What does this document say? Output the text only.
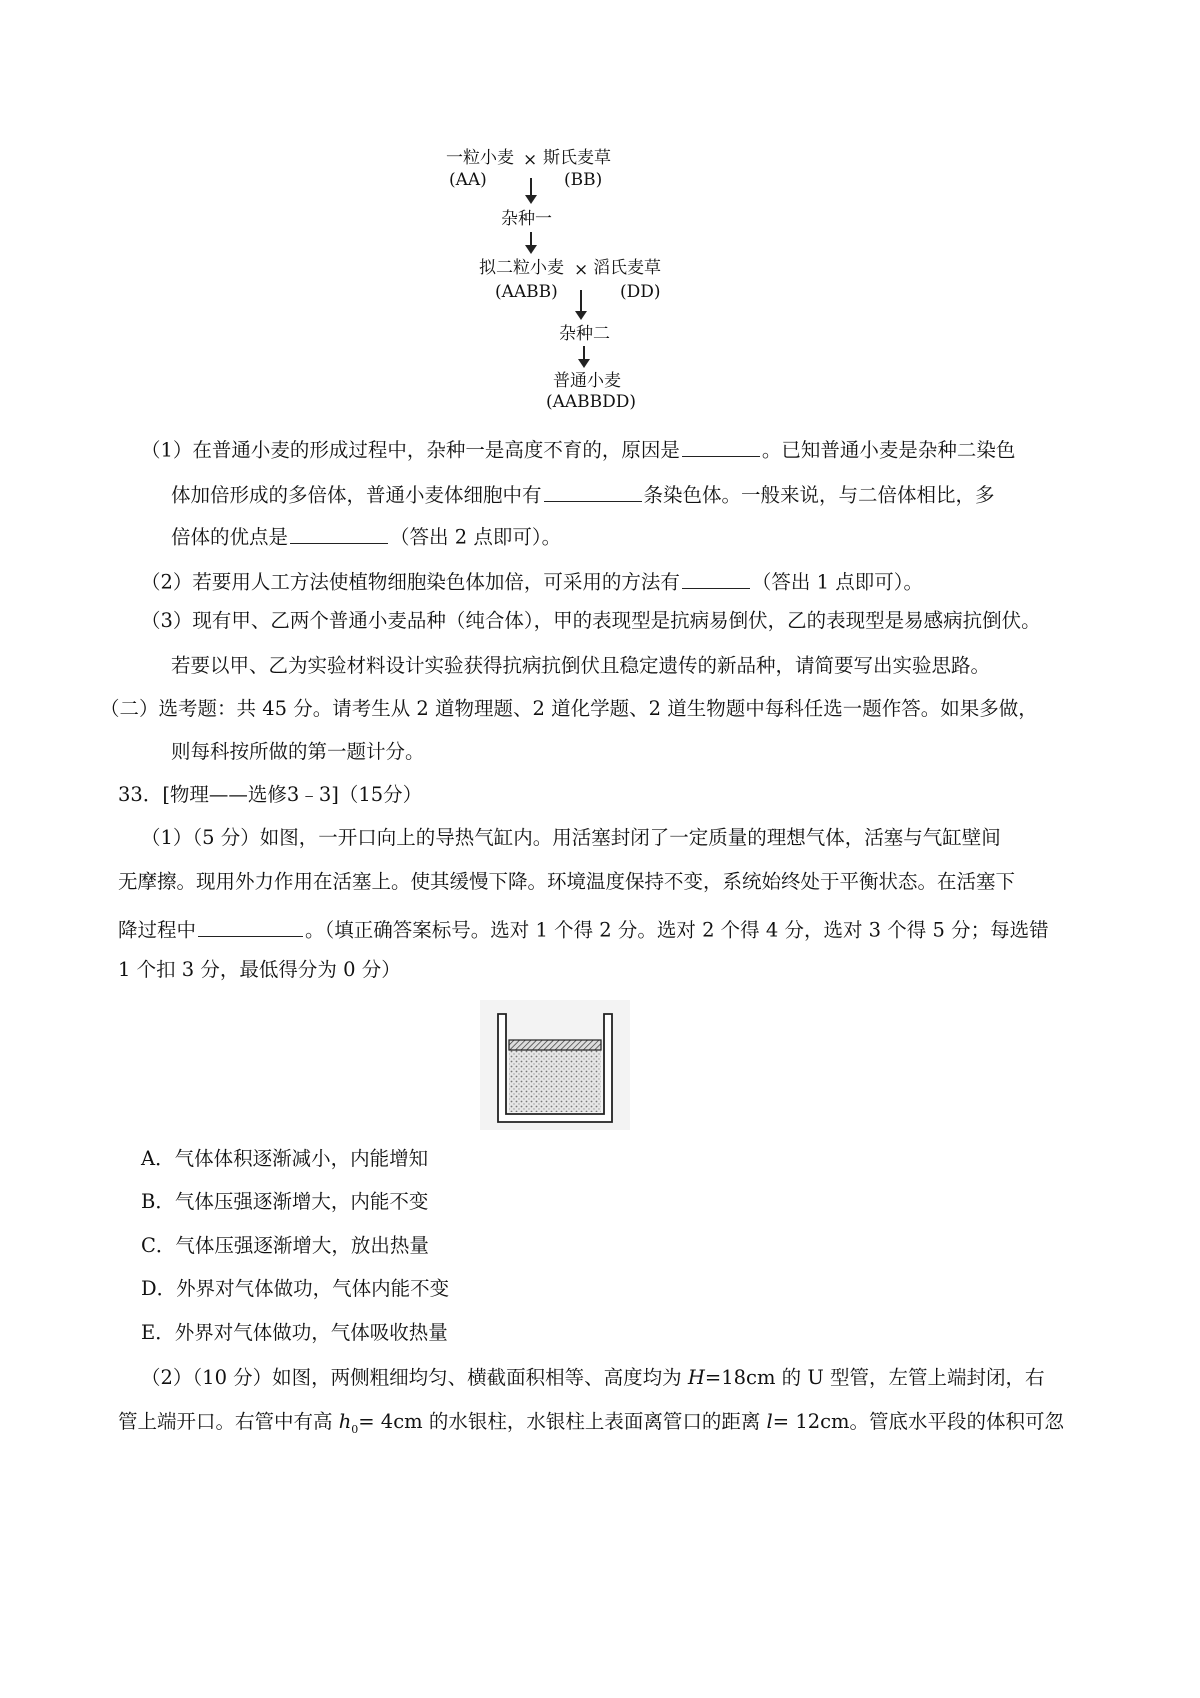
一粒小麦 × 斯氏麦草
(AA)	(BB)
杂种一
拟二粒小麦 × 滔氏麦草
(AABB)	(DD)
杂种二
普通小麦
(AABBDD)
（1）在普通小麦的形成过程中，杂种一是高度不育的，原因是	。已知普通小麦是杂种二染色
体加倍形成的多倍体，普通小麦体细胞中有	条染色体。一般来说，与二倍体相比，多
倍体的优点是	（答出 2 点即可）。
（2）若要用人工方法使植物细胞染色体加倍，可采用的方法有	（答出 1 点即可）。
（3）现有甲、乙两个普通小麦品种（纯合体），甲的表现型是抗病易倒伏，乙的表现型是易感病抗倒伏。
若要以甲、乙为实验材料设计实验获得抗病抗倒伏且稳定遗传的新品种，请简要写出实验思路。
（二）选考题：共 45 分。请考生从 2 道物理题、2 道化学题、2 道生物题中每科任选一题作答。如果多做，
则每科按所做的第一题计分。
33．[物理——选修3﹣3]（15分）
（1）（5 分）如图，一开口向上的导热气缸内。用活塞封闭了一定质量的理想气体，活塞与气缸壁间
无摩擦。现用外力作用在活塞上。使其缓慢下降。环境温度保持不变，系统始终处于平衡状态。在活塞下
降过程中	。（填正确答案标号。选对 1 个得 2 分。选对 2 个得 4 分，选对 3 个得 5 分；每选错
1 个扣 3 分，最低得分为 0 分）
A．气体体积逐渐减小，内能增知
B．气体压强逐渐增大，内能不变
C．气体压强逐渐增大，放出热量
D．外界对气体做功，气体内能不变
E．外界对气体做功，气体吸收热量
（2）（10 分）如图，两侧粗细均匀、横截面积相等、高度均为 H=18cm 的 U 型管，左管上端封闭，右
管上端开口。右管中有高 $h_0= 4cm$ 的水银柱，水银柱上表面离管口的距离 l= 12cm。管底水平段的体积可忽
